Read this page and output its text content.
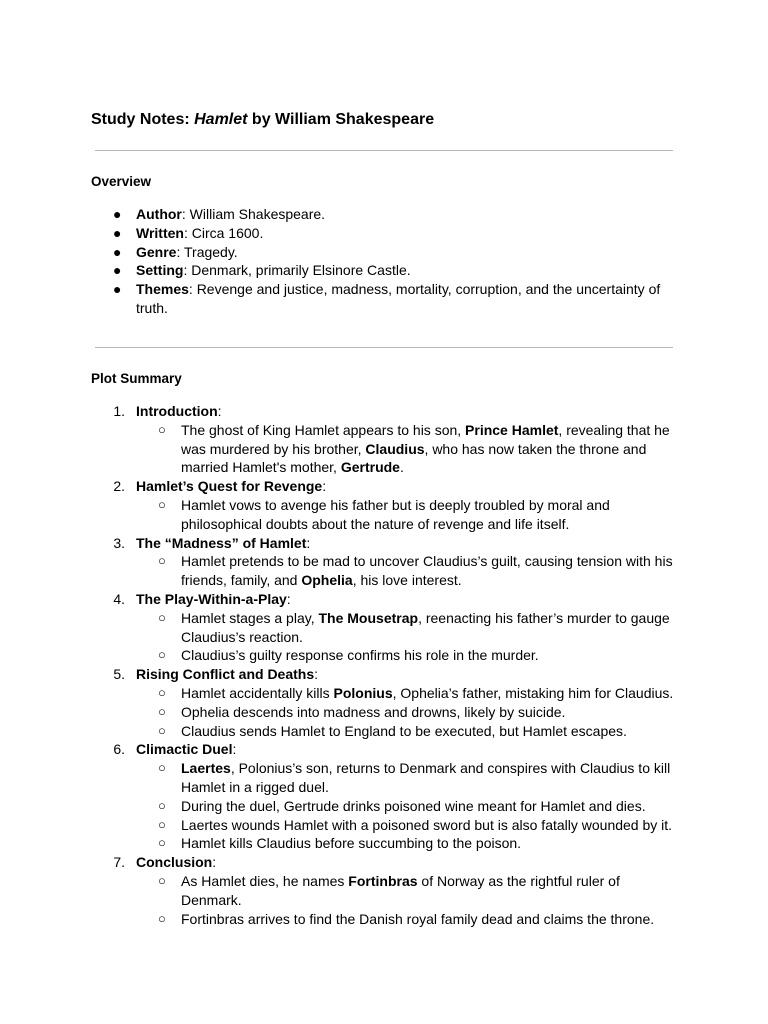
Study Notes: Hamlet by William Shakespeare
Overview
● Author: William Shakespeare.
● Written: Circa 1600.
● Genre: Tragedy.
● Setting: Denmark, primarily Elsinore Castle.
● Themes: Revenge and justice, madness, mortality, corruption, and the uncertainty of truth.
Plot Summary
1. Introduction:
○ The ghost of King Hamlet appears to his son, Prince Hamlet, revealing that he was murdered by his brother, Claudius, who has now taken the throne and married Hamlet's mother, Gertrude.
2. Hamlet’s Quest for Revenge:
○ Hamlet vows to avenge his father but is deeply troubled by moral and philosophical doubts about the nature of revenge and life itself.
3. The “Madness” of Hamlet:
○ Hamlet pretends to be mad to uncover Claudius’s guilt, causing tension with his friends, family, and Ophelia, his love interest.
4. The Play-Within-a-Play:
○ Hamlet stages a play, The Mousetrap, reenacting his father’s murder to gauge Claudius’s reaction.
○ Claudius’s guilty response confirms his role in the murder.
5. Rising Conflict and Deaths:
○ Hamlet accidentally kills Polonius, Ophelia’s father, mistaking him for Claudius.
○ Ophelia descends into madness and drowns, likely by suicide.
○ Claudius sends Hamlet to England to be executed, but Hamlet escapes.
6. Climactic Duel:
○ Laertes, Polonius’s son, returns to Denmark and conspires with Claudius to kill Hamlet in a rigged duel.
○ During the duel, Gertrude drinks poisoned wine meant for Hamlet and dies.
○ Laertes wounds Hamlet with a poisoned sword but is also fatally wounded by it.
○ Hamlet kills Claudius before succumbing to the poison.
7. Conclusion:
○ As Hamlet dies, he names Fortinbras of Norway as the rightful ruler of Denmark.
○ Fortinbras arrives to find the Danish royal family dead and claims the throne.
